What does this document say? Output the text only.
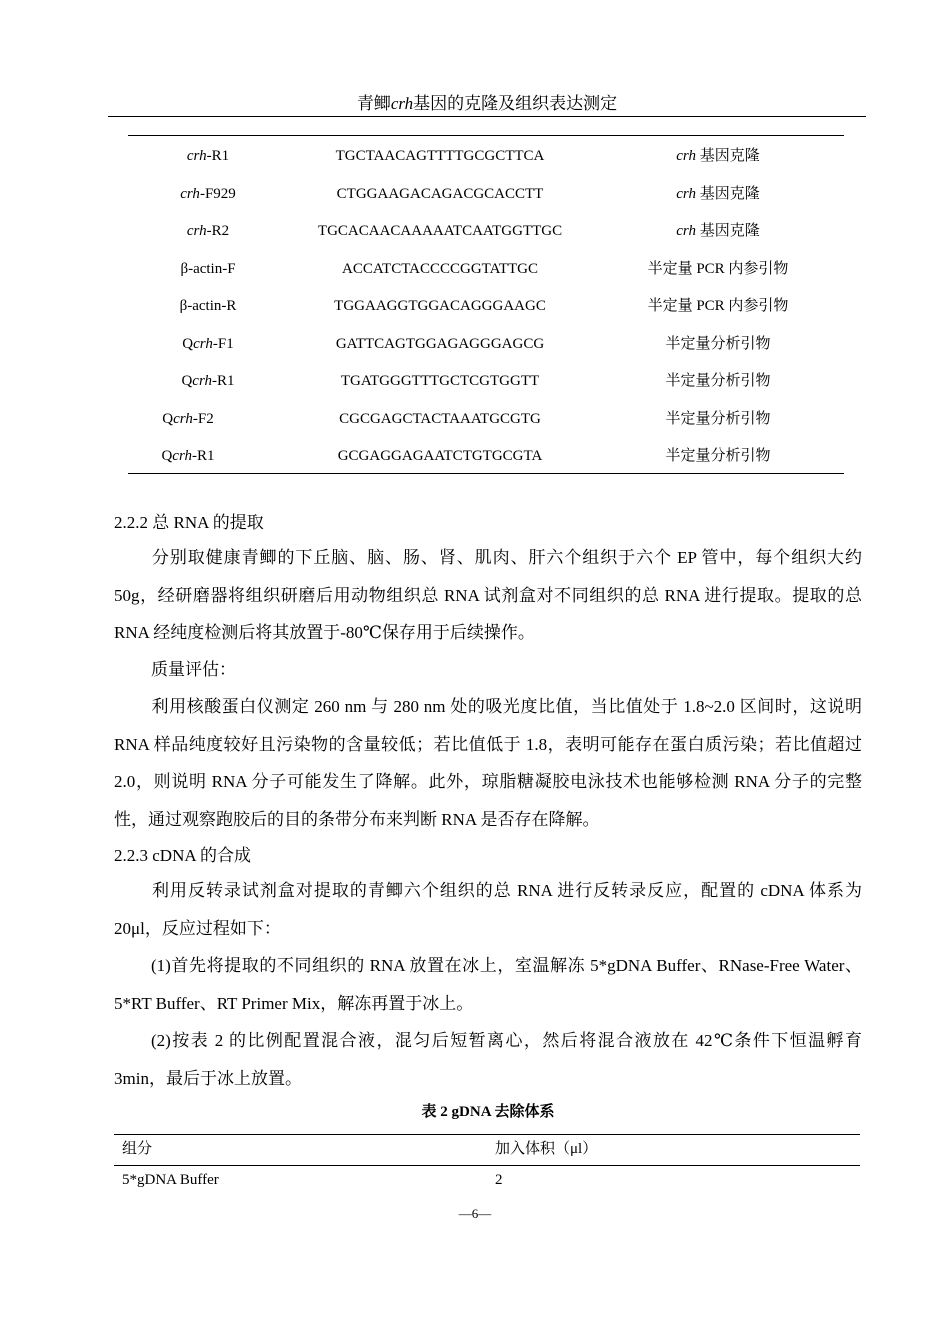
青鲫crh基因的克隆及组织表达测定
crh-R1	TGCTAACAGTTTTGCGCTTCA	crh 基因克隆
crh-F929	CTGGAAGACAGACGCACCTT	crh 基因克隆
crh-R2	TGCACAACAAAAATCAATGGTTGC	crh 基因克隆
β-actin-F	ACCATCTACCCCGGTATTGC	半定量 PCR 内参引物
β-actin-R	TGGAAGGTGGACAGGGAAGC	半定量 PCR 内参引物
Qcrh-F1	GATTCAGTGGAGAGGGAGCG	半定量分析引物
Qcrh-R1	TGATGGGTTTGCTCGTGGTT	半定量分析引物
Qcrh-F2	CGCGAGCTACTAAATGCGTG	半定量分析引物
Qcrh-R1	GCGAGGAGAATCTGTGCGTA	半定量分析引物
2.2.2 总 RNA 的提取
分别取健康青鲫的下丘脑、脑、肠、肾、肌肉、肝六个组织于六个 EP 管中，每个组织大约 50g，经研磨器将组织研磨后用动物组织总 RNA 试剂盒对不同组织的总 RNA 进行提取。提取的总 RNA 经纯度检测后将其放置于-80℃保存用于后续操作。
质量评估：
利用核酸蛋白仪测定 260 nm 与 280 nm 处的吸光度比值，当比值处于 1.8~2.0 区间时，这说明 RNA 样品纯度较好且污染物的含量较低；若比值低于 1.8，表明可能存在蛋白质污染；若比值超过 2.0，则说明 RNA 分子可能发生了降解。此外，琼脂糖凝胶电泳技术也能够检测 RNA 分子的完整性，通过观察跑胶后的目的条带分布来判断 RNA 是否存在降解。
2.2.3 cDNA 的合成
利用反转录试剂盒对提取的青鲫六个组织的总 RNA 进行反转录反应，配置的 cDNA 体系为 20μl，反应过程如下：
(1)首先将提取的不同组织的 RNA 放置在冰上，室温解冻 5*gDNA Buffer、RNase-Free Water、5*RT Buffer、RT Primer Mix，解冻再置于冰上。
(2)按表 2 的比例配置混合液，混匀后短暂离心，然后将混合液放在 42℃条件下恒温孵育 3min，最后于冰上放置。
表 2 gDNA 去除体系
组分	加入体积（μl）
5*gDNA Buffer	2
—6—
